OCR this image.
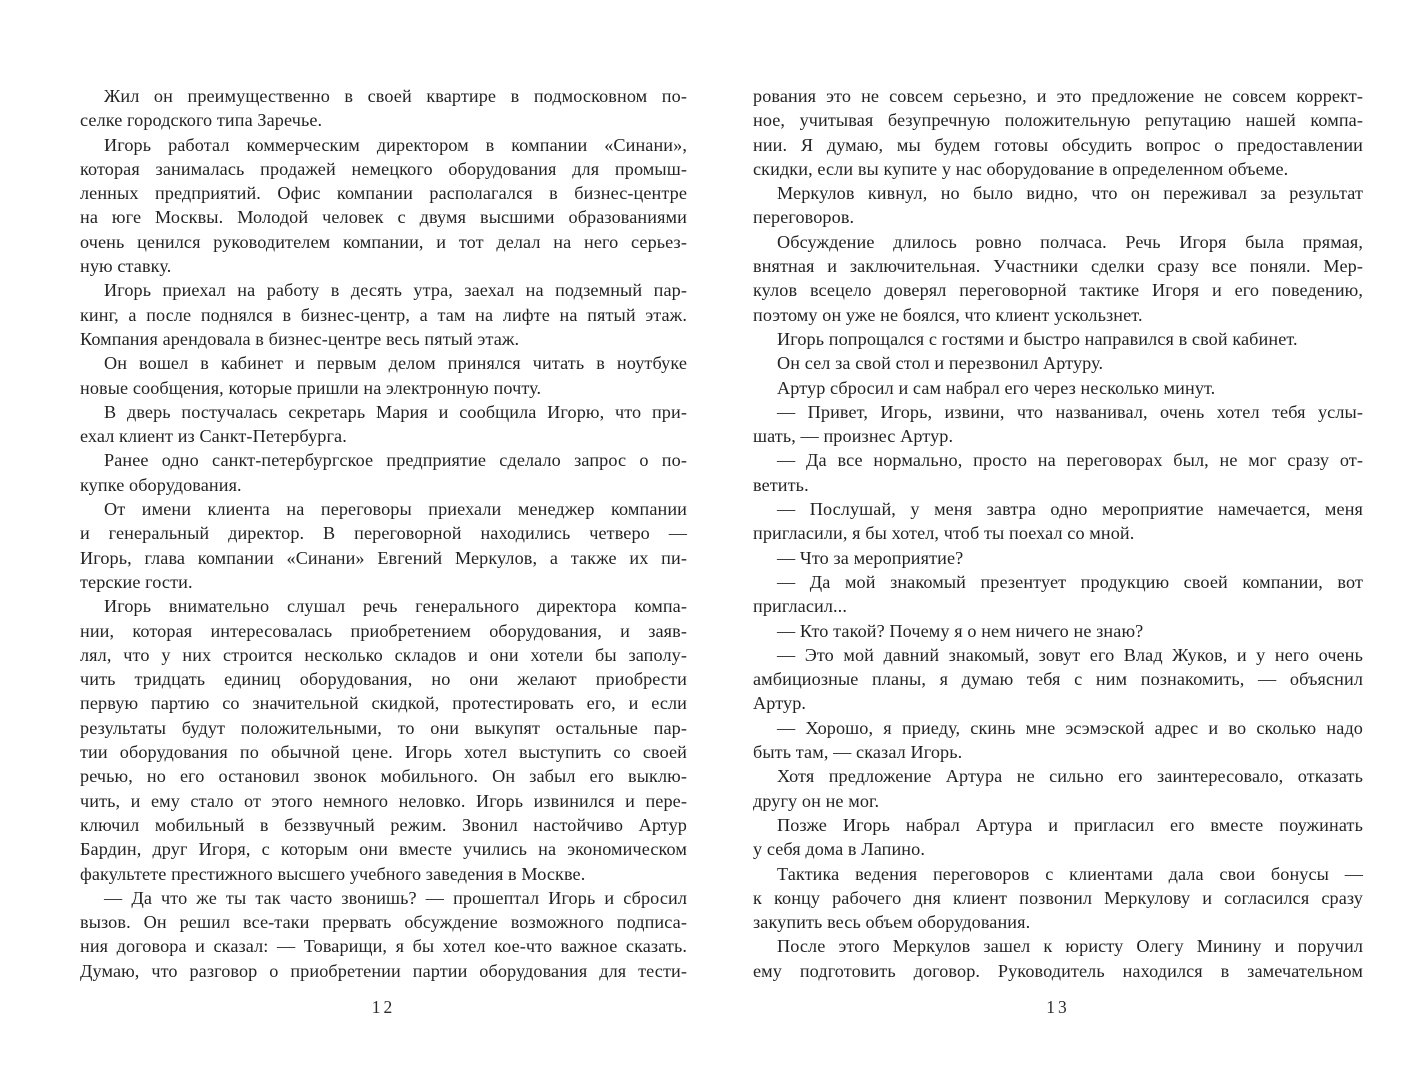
Жил он преимущественно в своей квартире в подмосковном по-
селке городского типа Заречье.
Игорь работал коммерческим директором в компании «Синани»,
которая занималась продажей немецкого оборудования для промыш-
ленных предприятий. Офис компании располагался в бизнес-центре
на юге Москвы. Молодой человек с двумя высшими образованиями
очень ценился руководителем компании, и тот делал на него серьез-
ную ставку.
Игорь приехал на работу в десять утра, заехал на подземный пар-
кинг, а после поднялся в бизнес-центр, а там на лифте на пятый этаж.
Компания арендовала в бизнес-центре весь пятый этаж.
Он вошел в кабинет и первым делом принялся читать в ноутбуке
новые сообщения, которые пришли на электронную почту.
В дверь постучалась секретарь Мария и сообщила Игорю, что при-
ехал клиент из Санкт-Петербурга.
Ранее одно санкт-петербургское предприятие сделало запрос о по-
купке оборудования.
От имени клиента на переговоры приехали менеджер компании
и генеральный директор. В переговорной находились четверо —
Игорь, глава компании «Синани» Евгений Меркулов, а также их пи-
терские гости.
Игорь внимательно слушал речь генерального директора компа-
нии, которая интересовалась приобретением оборудования, и заяв-
лял, что у них строится несколько складов и они хотели бы заполу-
чить тридцать единиц оборудования, но они желают приобрести
первую партию со значительной скидкой, протестировать его, и если
результаты будут положительными, то они выкупят остальные пар-
тии оборудования по обычной цене. Игорь хотел выступить со своей
речью, но его остановил звонок мобильного. Он забыл его выклю-
чить, и ему стало от этого немного неловко. Игорь извинился и пере-
ключил мобильный в беззвучный режим. Звонил настойчиво Артур
Бардин, друг Игоря, с которым они вместе учились на экономическом
факультете престижного высшего учебного заведения в Москве.
— Да что же ты так часто звонишь? — прошептал Игорь и сбросил
вызов. Он решил все-таки прервать обсуждение возможного подписа-
ния договора и сказал: — Товарищи, я бы хотел кое-что важное сказать.
Думаю, что разговор о приобретении партии оборудования для тести-
12
рования это не совсем серьезно, и это предложение не совсем коррект-
ное, учитывая безупречную положительную репутацию нашей компа-
нии. Я думаю, мы будем готовы обсудить вопрос о предоставлении
скидки, если вы купите у нас оборудование в определенном объеме.
Меркулов кивнул, но было видно, что он переживал за результат
переговоров.
Обсуждение длилось ровно полчаса. Речь Игоря была прямая,
внятная и заключительная. Участники сделки сразу все поняли. Мер-
кулов всецело доверял переговорной тактике Игоря и его поведению,
поэтому он уже не боялся, что клиент ускользнет.
Игорь попрощался с гостями и быстро направился в свой кабинет.
Он сел за свой стол и перезвонил Артуру.
Артур сбросил и сам набрал его через несколько минут.
— Привет, Игорь, извини, что названивал, очень хотел тебя услы-
шать, — произнес Артур.
— Да все нормально, просто на переговорах был, не мог сразу от-
ветить.
— Послушай, у меня завтра одно мероприятие намечается, меня
пригласили, я бы хотел, чтоб ты поехал со мной.
— Что за мероприятие?
— Да мой знакомый презентует продукцию своей компании, вот
пригласил...
— Кто такой? Почему я о нем ничего не знаю?
— Это мой давний знакомый, зовут его Влад Жуков, и у него очень
амбициозные планы, я думаю тебя с ним познакомить, — объяснил
Артур.
— Хорошо, я приеду, скинь мне эсэмэской адрес и во сколько надо
быть там, — сказал Игорь.
Хотя предложение Артура не сильно его заинтересовало, отказать
другу он не мог.
Позже Игорь набрал Артура и пригласил его вместе поужинать
у себя дома в Лапино.
Тактика ведения переговоров с клиентами дала свои бонусы —
к концу рабочего дня клиент позвонил Меркулову и согласился сразу
закупить весь объем оборудования.
После этого Меркулов зашел к юристу Олегу Минину и поручил
ему подготовить договор. Руководитель находился в замечательном
13
